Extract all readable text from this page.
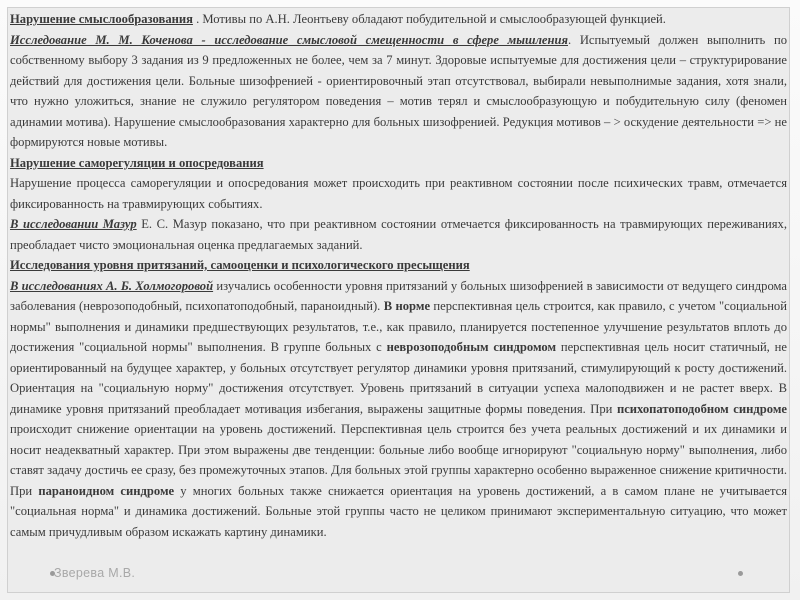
Нарушение смыслообразования . Мотивы по А.Н. Леонтьеву обладают побудительной и смыслообразующей функцией.

Исследование М. М. Коченова - исследование смысловой смещенности в сфере мышления. Испытуемый должен выполнить по собственному выбору 3 задания из 9 предложенных не более, чем за 7 минут. Здоровые испытуемые для достижения цели – структурирование действий для достижения цели. Больные шизофренией - ориентировочный этап отсутствовал, выбирали невыполнимые задания, хотя знали, что нужно уложиться, знание не служило регулятором поведения – мотив терял и смыслообразующую и побудительную силу (феномен адинамии мотива). Нарушение смыслообразования характерно для больных шизофренией. Редукция мотивов – > оскудение деятельности => не формируются новые мотивы.

Нарушение саморегуляции и опосредования

Нарушение процесса саморегуляции и опосредования может происходить при реактивном состоянии после психических травм, отмечается фиксированность на травмирующих событиях.

В исследовании Мазур Е. С. Мазур показано, что при реактивном состоянии отмечается фиксированность на травмирующих переживаниях, преобладает чисто эмоциональная оценка предлагаемых заданий.

Исследования уровня притязаний, самооценки и психологического пресыщения

В исследованиях А. Б. Холмогоровой изучались особенности уровня притязаний у больных шизофренией в зависимости от ведущего синдрома заболевания (неврозоподобный, психопатоподобный, параноидный). В норме перспективная цель строится, как правило, с учетом "социальной нормы" выполнения и динамики предшествующих результатов, т.е., как правило, планируется постепенное улучшение результатов вплоть до достижения "социальной нормы" выполнения. В группе больных с неврозоподобным синдромом перспективная цель носит статичный, не ориентированный на будущее характер, у больных отсутствует регулятор динамики уровня притязаний, стимулирующий к росту достижений. Ориентация на "социальную норму" достижения отсутствует. Уровень притязаний в ситуации успеха малоподвижен и не растет вверх. В динамике уровня притязаний преобладает мотивация избегания, выражены защитные формы поведения. При психопатоподобном синдроме происходит снижение ориентации на уровень достижений. Перспективная цель строится без учета реальных достижений и их динамики и носит неадекватный характер. При этом выражены две тенденции: больные либо вообще игнорируют "социальную норму" выполнения, либо ставят задачу достичь ее сразу, без промежуточных этапов. Для больных этой группы характерно особенно выраженное снижение критичности. При параноидном синдроме у многих больных также снижается ориентация на уровень достижений, а в самом плане не учитывается "социальная норма" и динамика достижений. Больные этой группы часто не целиком принимают экспериментальную ситуацию, что может самым причудливым образом искажать картину динамики.

Зверева М.В.
